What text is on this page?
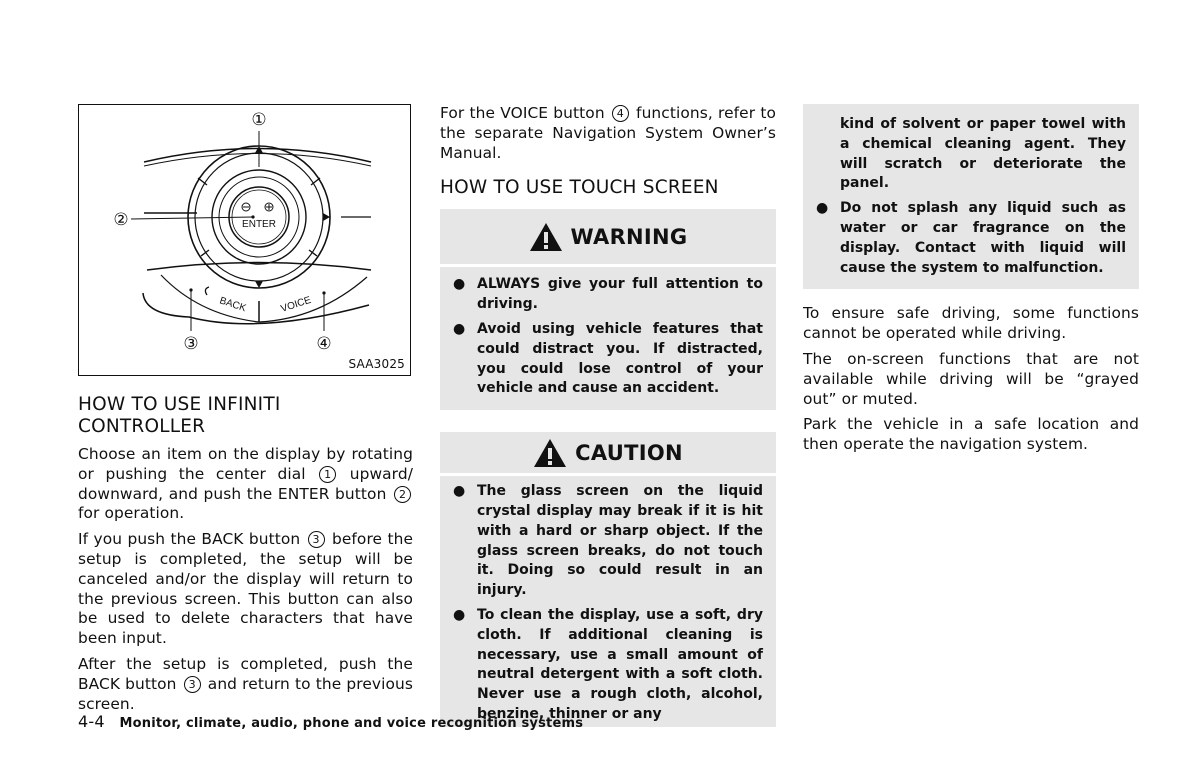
ENTER
BACK	VOICE
①
②
③	④
SAA3025
HOW TO USE INFINITI CONTROLLER

Choose an item on the display by rotating or pushing the center dial 1 upward/ downward, and push the ENTER button 2 for operation.

If you push the BACK button 3 before the setup is completed, the setup will be canceled and/or the display will return to the previous screen. This button can also be used to delete characters that have been input.

After the setup is completed, push the BACK button 3 and return to the previous screen.

For the VOICE button 4 functions, refer to the separate Navigation System Owner’s Manual.

HOW TO USE TOUCH SCREEN
WARNING
● ALWAYS give your full attention to driving.
● Avoid using vehicle features that could distract you. If distracted, you could lose control of your vehicle and cause an accident.
CAUTION
● The glass screen on the liquid crystal display may break if it is hit with a hard or sharp object. If the glass screen breaks, do not touch it. Doing so could result in an injury.
● To clean the display, use a soft, dry cloth. If additional cleaning is necessary, use a small amount of neutral detergent with a soft cloth. Never use a rough cloth, alcohol, benzine, thinner or any
kind of solvent or paper towel with a chemical cleaning agent. They will scratch or deteriorate the panel.
● Do not splash any liquid such as water or car fragrance on the display. Contact with liquid will cause the system to malfunction.

To ensure safe driving, some functions cannot be operated while driving.

The on-screen functions that are not available while driving will be “grayed out” or muted.

Park the vehicle in a safe location and then operate the navigation system.

4-4 Monitor, climate, audio, phone and voice recognition systems
